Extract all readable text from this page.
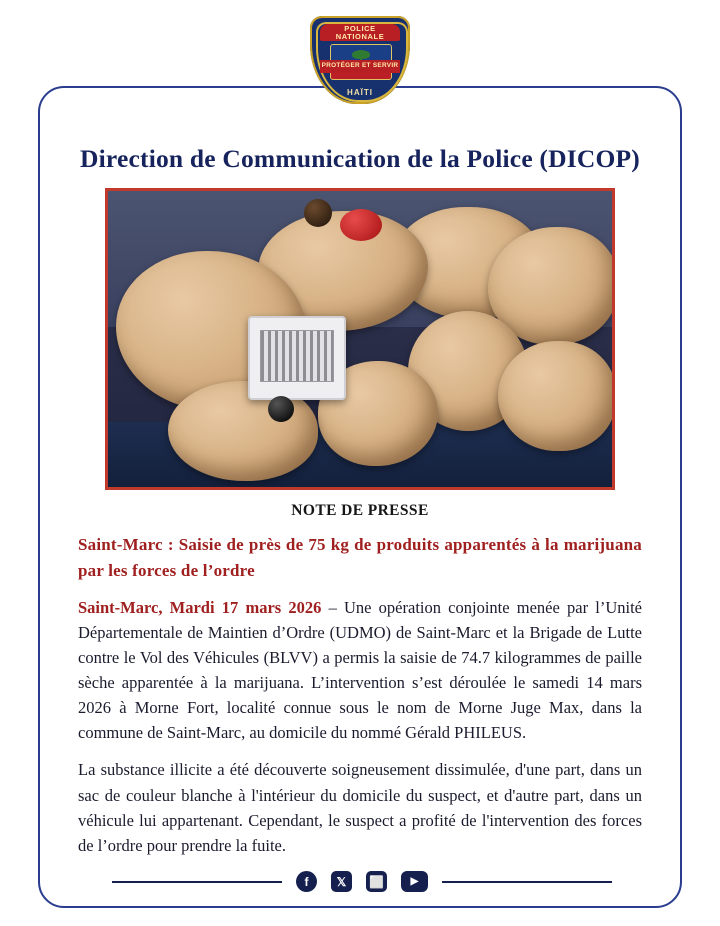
POLICE NATIONALE
PROTÉGER ET SERVIR
HAÏTI
Direction de Communication de la Police (DICOP)
NOTE DE PRESSE

Saint-Marc : Saisie de près de 75 kg de produits apparentés à la marijuana par les forces de l’ordre

Saint-Marc, Mardi 17 mars 2026 – Une opération conjointe menée par l’Unité Départementale de Maintien d’Ordre (UDMO) de Saint-Marc et la Brigade de Lutte contre le Vol des Véhicules (BLVV) a permis la saisie de 74.7 kilogrammes de paille sèche apparentée à la marijuana. L’intervention s’est déroulée le samedi 14 mars 2026 à Morne Fort, localité connue sous le nom de Morne Juge Max, dans la commune de Saint-Marc, au domicile du nommé Gérald PHILEUS.

La substance illicite a été découverte soigneusement dissimulée, d'une part, dans un sac de couleur blanche à l'intérieur du domicile du suspect, et d'autre part, dans un véhicule lui appartenant. Cependant, le suspect a profité de l'intervention des forces de l’ordre pour prendre la fuite.

f	𝕏	⬜	▶
